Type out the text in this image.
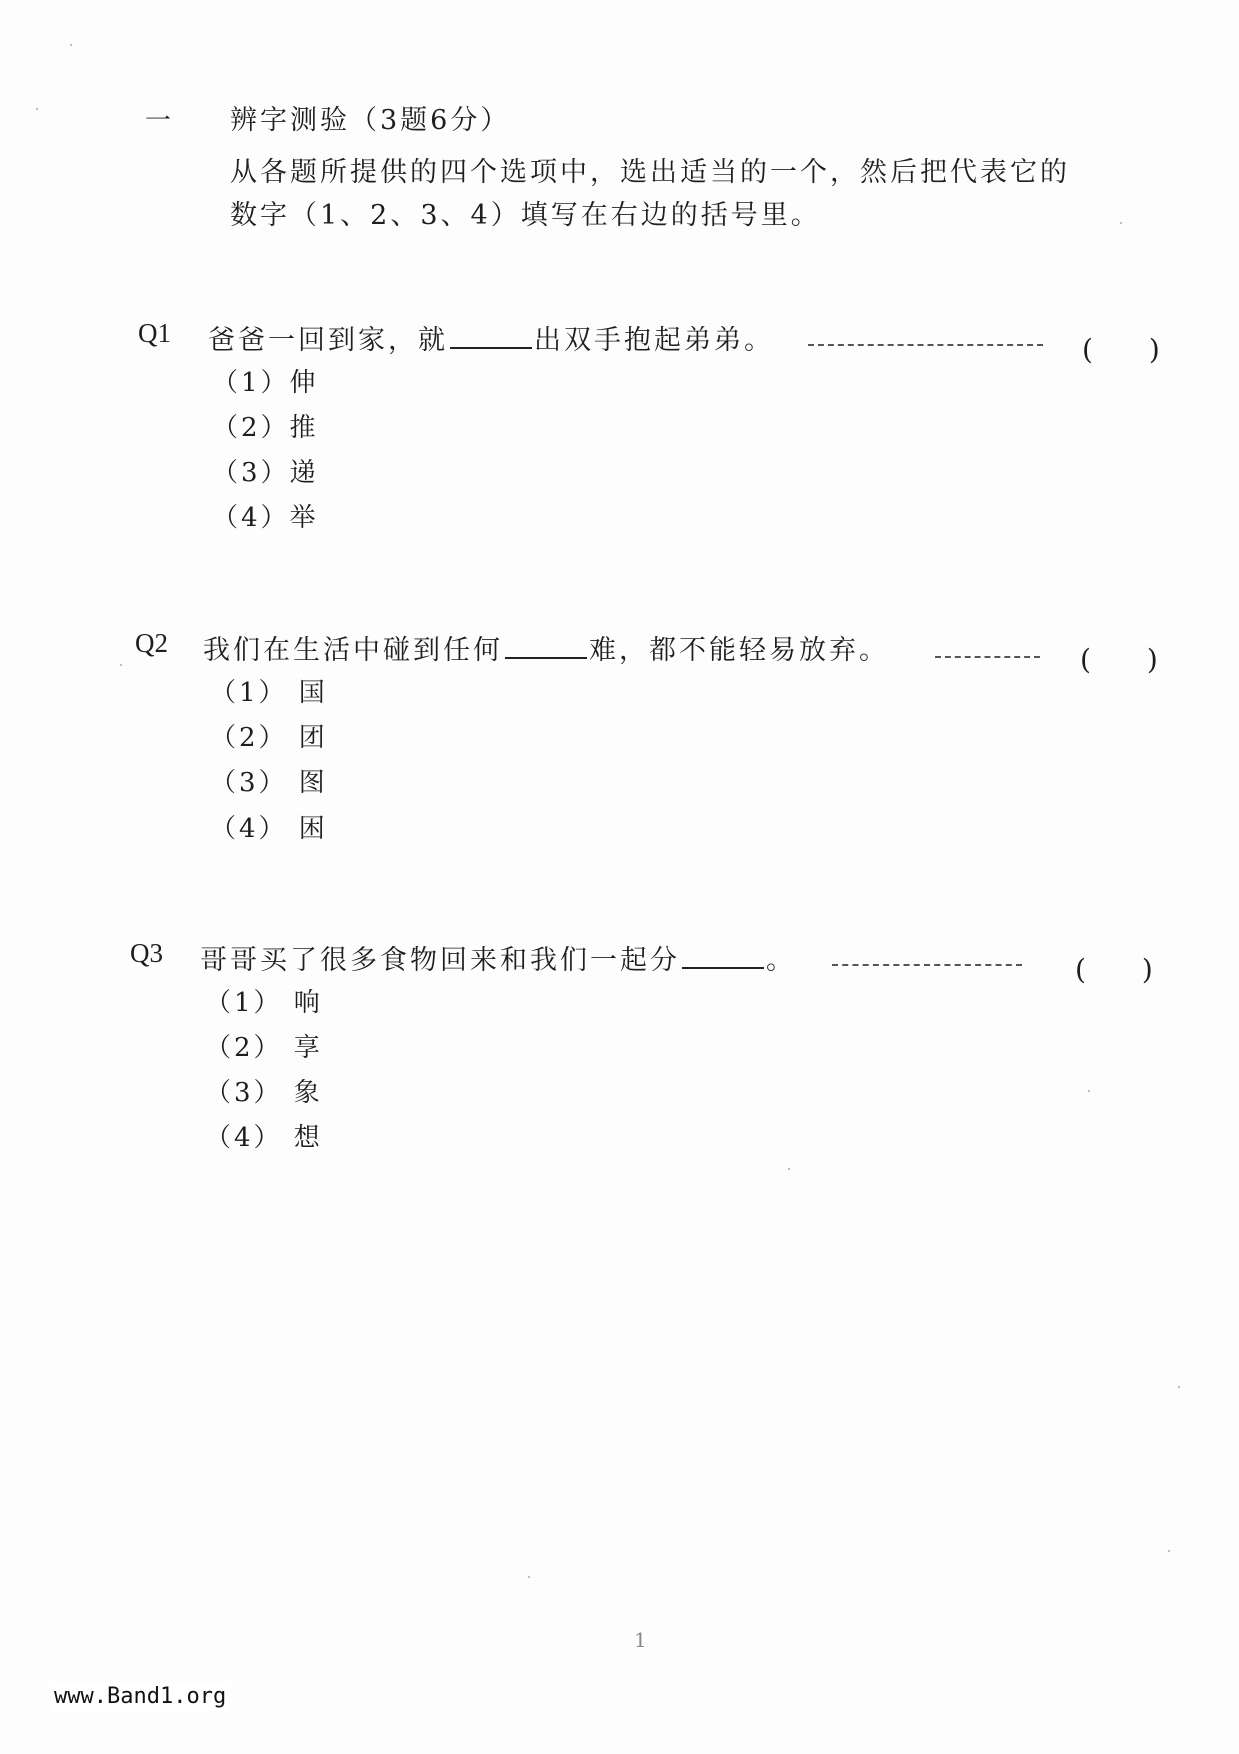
一 辨字测验（3题6分）
从各题所提供的四个选项中，选出适当的一个，然后把代表它的
数字（1、2、3、4）填写在右边的括号里。
Q1 爸爸一回到家，就	出双手抱起弟弟。	(　　)
（1）伸
（2）推
（3）递
（4）举
Q2 我们在生活中碰到任何	难，都不能轻易放弃。	(　　)
（1） 国
（2） 团
（3） 图
（4） 困
Q3 哥哥买了很多食物回来和我们一起分	。	(　　)
（1） 响
（2） 享
（3） 象
（4） 想
1
www.Band1.org
